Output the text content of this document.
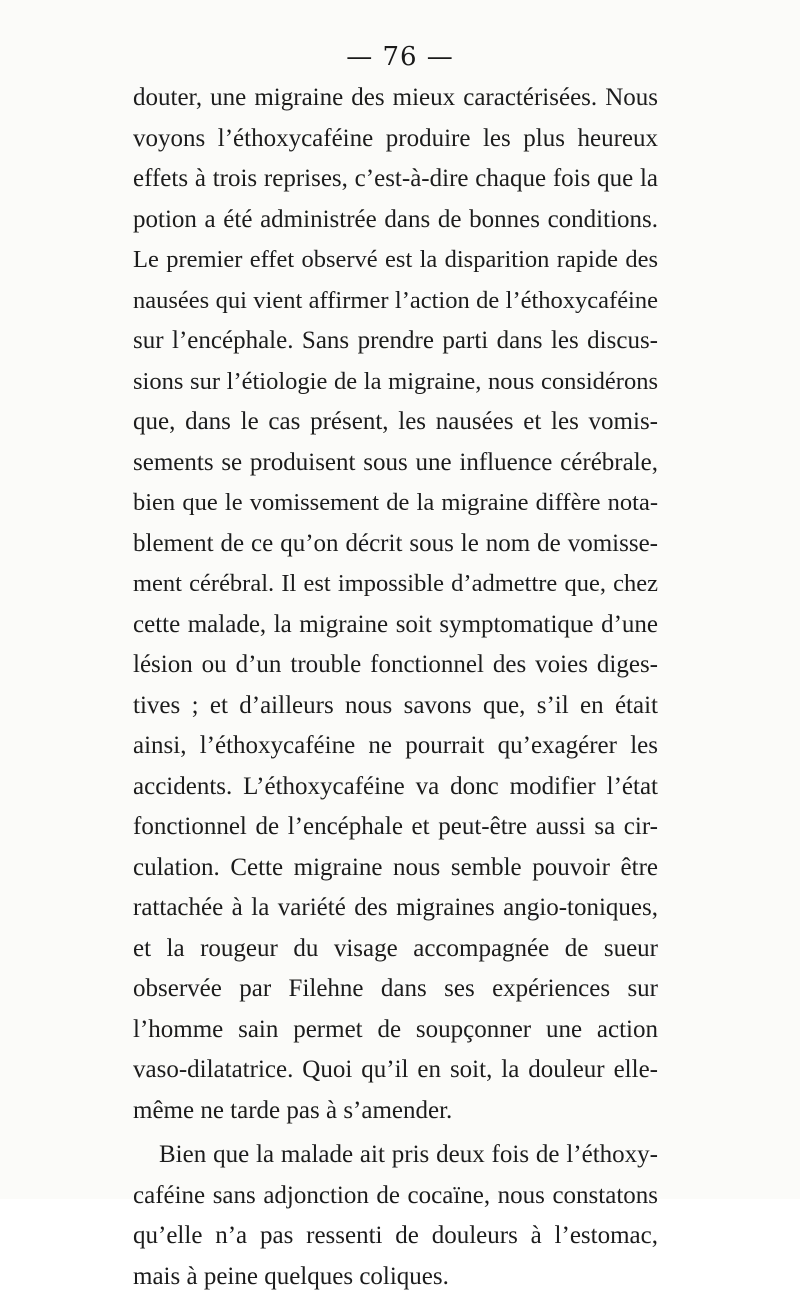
— 76 —
douter, une migraine des mieux caractérisées. Nous
voyons l’éthoxycaféine produire les plus heureux
effets à trois reprises, c’est-à-dire chaque fois que la
potion a été administrée dans de bonnes conditions.
Le premier effet observé est la disparition rapide des
nausées qui vient affirmer l’action de l’éthoxycaféine
sur l’encéphale. Sans prendre parti dans les discus-
sions sur l’étiologie de la migraine, nous considérons
que, dans le cas présent, les nausées et les vomis-
sements se produisent sous une influence cérébrale,
bien que le vomissement de la migraine diffère nota-
blement de ce qu’on décrit sous le nom de vomisse-
ment cérébral. Il est impossible d’admettre que, chez
cette malade, la migraine soit symptomatique d’une
lésion ou d’un trouble fonctionnel des voies diges-
tives ; et d’ailleurs nous savons que, s’il en était
ainsi, l’éthoxycaféine ne pourrait qu’exagérer les
accidents. L’éthoxycaféine va donc modifier l’état
fonctionnel de l’encéphale et peut-être aussi sa cir-
culation. Cette migraine nous semble pouvoir être
rattachée à la variété des migraines angio-toniques,
et la rougeur du visage accompagnée de sueur
observée par Filehne dans ses expériences sur
l’homme sain permet de soupçonner une action
vaso-dilatatrice. Quoi qu’il en soit, la douleur elle-
même ne tarde pas à s’amender.
Bien que la malade ait pris deux fois de l’éthoxy-
caféine sans adjonction de cocaïne, nous constatons
qu’elle n’a pas ressenti de douleurs à l’estomac,
mais à peine quelques coliques.
